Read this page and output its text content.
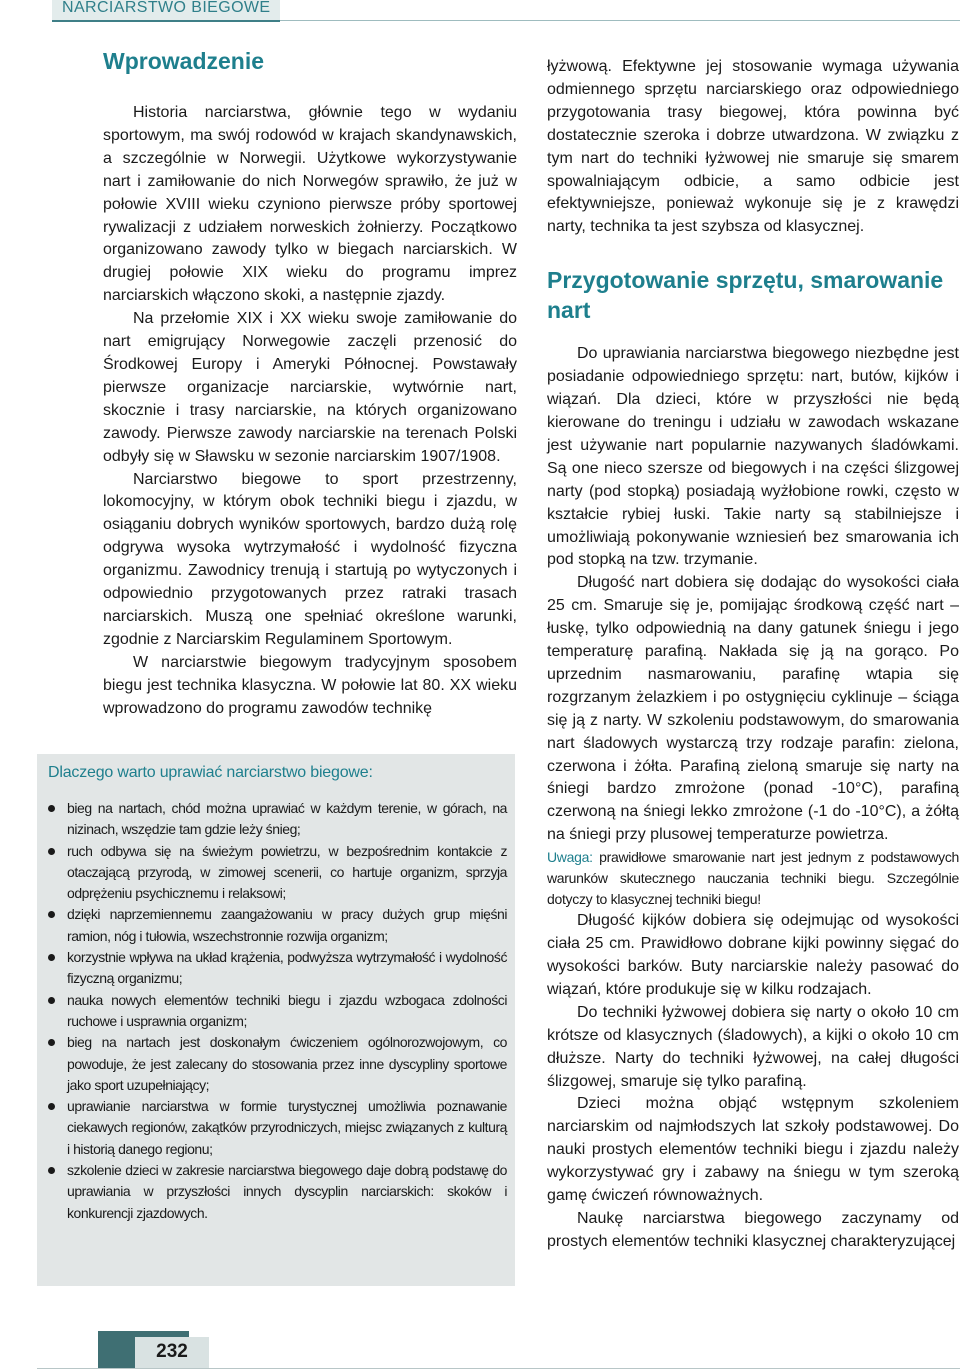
NARCIARSTWO BIEGOWE
Wprowadzenie

Historia narciarstwa, głównie tego w wydaniu sportowym, ma swój rodowód w krajach skandynawskich, a szczególnie w Norwegii. Użytkowe wykorzystywanie nart i zamiłowanie do nich Norwegów sprawiło, że już w połowie XVIII wieku czyniono pierwsze próby sportowej rywalizacji z udziałem norweskich żołnierzy. Początkowo organizowano zawody tylko w biegach narciarskich. W drugiej połowie XIX wieku do programu imprez narciarskich włączono skoki, a następnie zjazdy.

Na przełomie XIX i XX wieku swoje zamiłowanie do nart emigrujący Norwegowie zaczęli przenosić do Środkowej Europy i Ameryki Północnej. Powstawały pierwsze organizacje narciarskie, wytwórnie nart, skocznie i trasy narciarskie, na których organizowano zawody. Pierwsze zawody narciarskie na terenach Polski odbyły się w Sławsku w sezonie narciarskim 1907/1908.

Narciarstwo biegowe to sport przestrzenny, lokomocyjny, w którym obok techniki biegu i zjazdu, w osiąganiu dobrych wyników sportowych, bardzo dużą rolę odgrywa wysoka wytrzymałość i wydolność fizyczna organizmu. Zawodnicy trenują i startują po wytyczonych i odpowiednio przygotowanych przez ratraki trasach narciarskich. Muszą one spełniać określone warunki, zgodnie z Narciarskim Regulaminem Sportowym.

W narciarstwie biegowym tradycyjnym sposobem biegu jest technika klasyczna. W połowie lat 80. XX wieku wprowadzono do programu zawodów technikę

Dlaczego warto uprawiać narciarstwo biegowe:
bieg na nartach, chód można uprawiać w każdym terenie, w górach, na nizinach, wszędzie tam gdzie leży śnieg;
ruch odbywa się na świeżym powietrzu, w bezpośrednim kontakcie z otaczającą przyrodą, w zimowej scenerii, co hartuje organizm, sprzyja odprężeniu psychicznemu i relaksowi;
dzięki naprzemiennemu zaangażowaniu w pracy dużych grup mięśni ramion, nóg i tułowia, wszechstronnie rozwija organizm;
korzystnie wpływa na układ krążenia, podwyższa wytrzymałość i wydolność fizyczną organizmu;
nauka nowych elementów techniki biegu i zjazdu wzbogaca zdolności ruchowe i usprawnia organizm;
bieg na nartach jest doskonałym ćwiczeniem ogólnorozwojowym, co powoduje, że jest zalecany do stosowania przez inne dyscypliny sportowe jako sport uzupełniający;
uprawianie narciarstwa w formie turystycznej umożliwia poznawanie ciekawych regionów, zakątków przyrodniczych, miejsc związanych z kulturą i historią danego regionu;
szkolenie dzieci w zakresie narciarstwa biegowego daje dobrą podstawę do uprawiania w przyszłości innych dyscyplin narciarskich: skoków i konkurencji zjazdowych.

łyżwową. Efektywne jej stosowanie wymaga używania odmiennego sprzętu narciarskiego oraz odpowiedniego przygotowania trasy biegowej, która powinna być dostatecznie szeroka i dobrze utwardzona. W związku z tym nart do techniki łyżwowej nie smaruje się smarem spowalniającym odbicie, a samo odbicie jest efektywniejsze, ponieważ wykonuje się je z krawędzi narty, technika ta jest szybsza od klasycznej.

Przygotowanie sprzętu, smarowanie nart

Do uprawiania narciarstwa biegowego niezbędne jest posiadanie odpowiedniego sprzętu: nart, butów, kijków i wiązań. Dla dzieci, które w przyszłości nie będą kierowane do treningu i udziału w zawodach wskazane jest używanie nart popularnie nazywanych śladówkami. Są one nieco szersze od biegowych i na części ślizgowej narty (pod stopką) posiadają wyżłobione rowki, często w kształcie rybiej łuski. Takie narty są stabilniejsze i umożliwiają pokonywanie wzniesień bez smarowania ich pod stopką na tzw. trzymanie.

Długość nart dobiera się dodając do wysokości ciała 25 cm. Smaruje się je, pomijając środkową część nart – łuskę, tylko odpowiednią na dany gatunek śniegu i jego temperaturę parafiną. Nakłada się ją na gorąco. Po uprzednim nasmarowaniu, parafinę wtapia się rozgrzanym żelazkiem i po ostygnięciu cyklinuje – ściąga się ją z narty. W szkoleniu podstawowym, do smarowania nart śladowych wystarczą trzy rodzaje parafin: zielona, czerwona i żółta. Parafiną zieloną smaruje się narty na śniegi bardzo zmrożone (ponad -10°C), parafiną czerwoną na śniegi lekko zmrożone (-1 do -10°C), a żółtą na śniegi przy plusowej temperaturze powietrza.

Uwaga: prawidłowe smarowanie nart jest jednym z podstawowych warunków skutecznego nauczania techniki biegu. Szczególnie dotyczy to klasycznej techniki biegu!

Długość kijków dobiera się odejmując od wysokości ciała 25 cm. Prawidłowo dobrane kijki powinny sięgać do wysokości barków. Buty narciarskie należy pasować do wiązań, które produkuje się w kilku rodzajach.

Do techniki łyżwowej dobiera się narty o około 10 cm krótsze od klasycznych (śladowych), a kijki o około 10 cm dłuższe. Narty do techniki łyżwowej, na całej długości ślizgowej, smaruje się tylko parafiną.

Dzieci można objąć wstępnym szkoleniem narciarskim od najmłodszych lat szkoły podstawowej. Do nauki prostych elementów techniki biegu i zjazdu należy wykorzystywać gry i zabawy na śniegu w tym szeroką gamę ćwiczeń równoważnych.

Naukę narciarstwa biegowego zaczynamy od prostych elementów techniki klasycznej charakteryzującej

232
